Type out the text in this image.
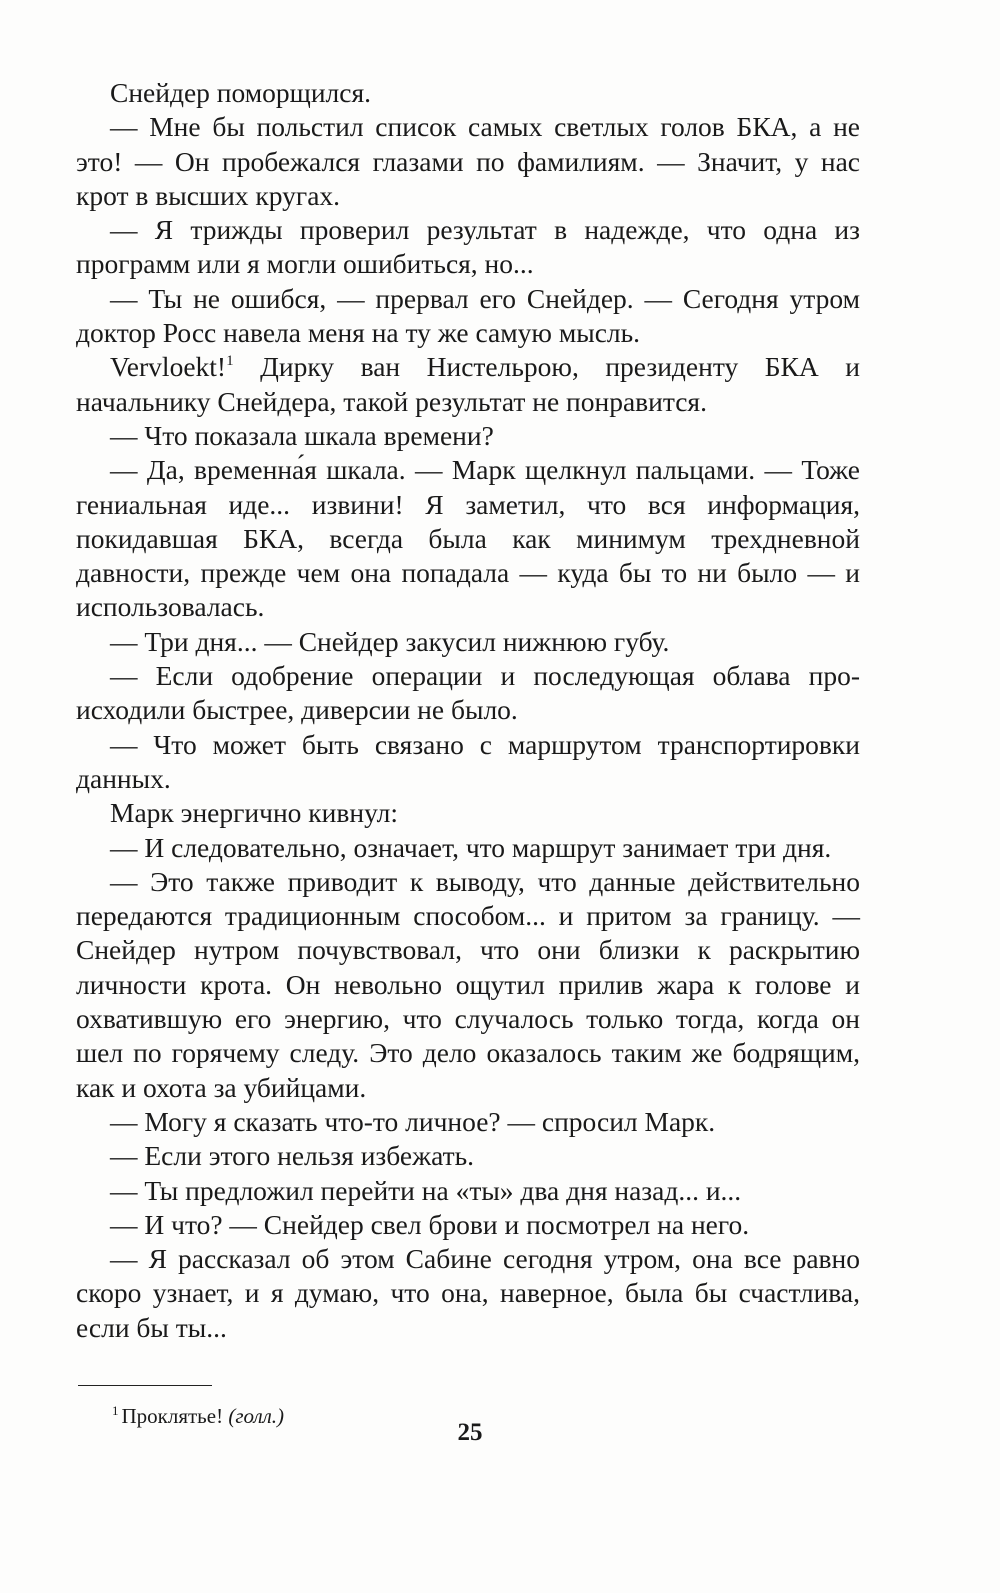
Снейдер поморщился.

— Мне бы польстил список самых светлых голов БКА, а не это! — Он пробежался глазами по фамилиям. — Значит, у нас крот в высших кругах.

— Я трижды проверил результат в надежде, что одна из программ или я могли ошибиться, но...

— Ты не ошибся, — прервал его Снейдер. — Сегодня утром доктор Росс навела меня на ту же самую мысль.

Vervloekt!$^1$ Дирку ван Нистельрою, президенту БКА и начальнику Снейдера, такой результат не понравится.

— Что показала шкала времени?

— Да, временна́я шкала. — Марк щелкнул пальцами. — Тоже гениальная иде... извини! Я заметил, что вся информация, покидавшая БКА, всегда была как минимум трехдневной давности, прежде чем она попадала — куда бы то ни было — и использовалась.

— Три дня... — Снейдер закусил нижнюю губу.

— Если одобрение операции и последующая облава происходили быстрее, диверсии не было.

— Что может быть связано с маршрутом транспортировки данных.

Марк энергично кивнул:

— И следовательно, означает, что маршрут занимает три дня.

— Это также приводит к выводу, что данные действительно передаются традиционным способом... и притом за границу. — Снейдер нутром почувствовал, что они близки к раскрытию личности крота. Он невольно ощутил прилив жара к голове и охватившую его энергию, что случалось только тогда, когда он шел по горячему следу. Это дело оказалось таким же бодрящим, как и охота за убийцами.

— Могу я сказать что-то личное? — спросил Марк.

— Если этого нельзя избежать.

— Ты предложил перейти на «ты» два дня назад... и...

— И что? — Снейдер свел брови и посмотрел на него.

— Я рассказал об этом Сабине сегодня утром, она все равно скоро узнает, и я думаю, что она, наверное, была бы счастлива, если бы ты...

$^1$ Проклятье! (голл.)
25
